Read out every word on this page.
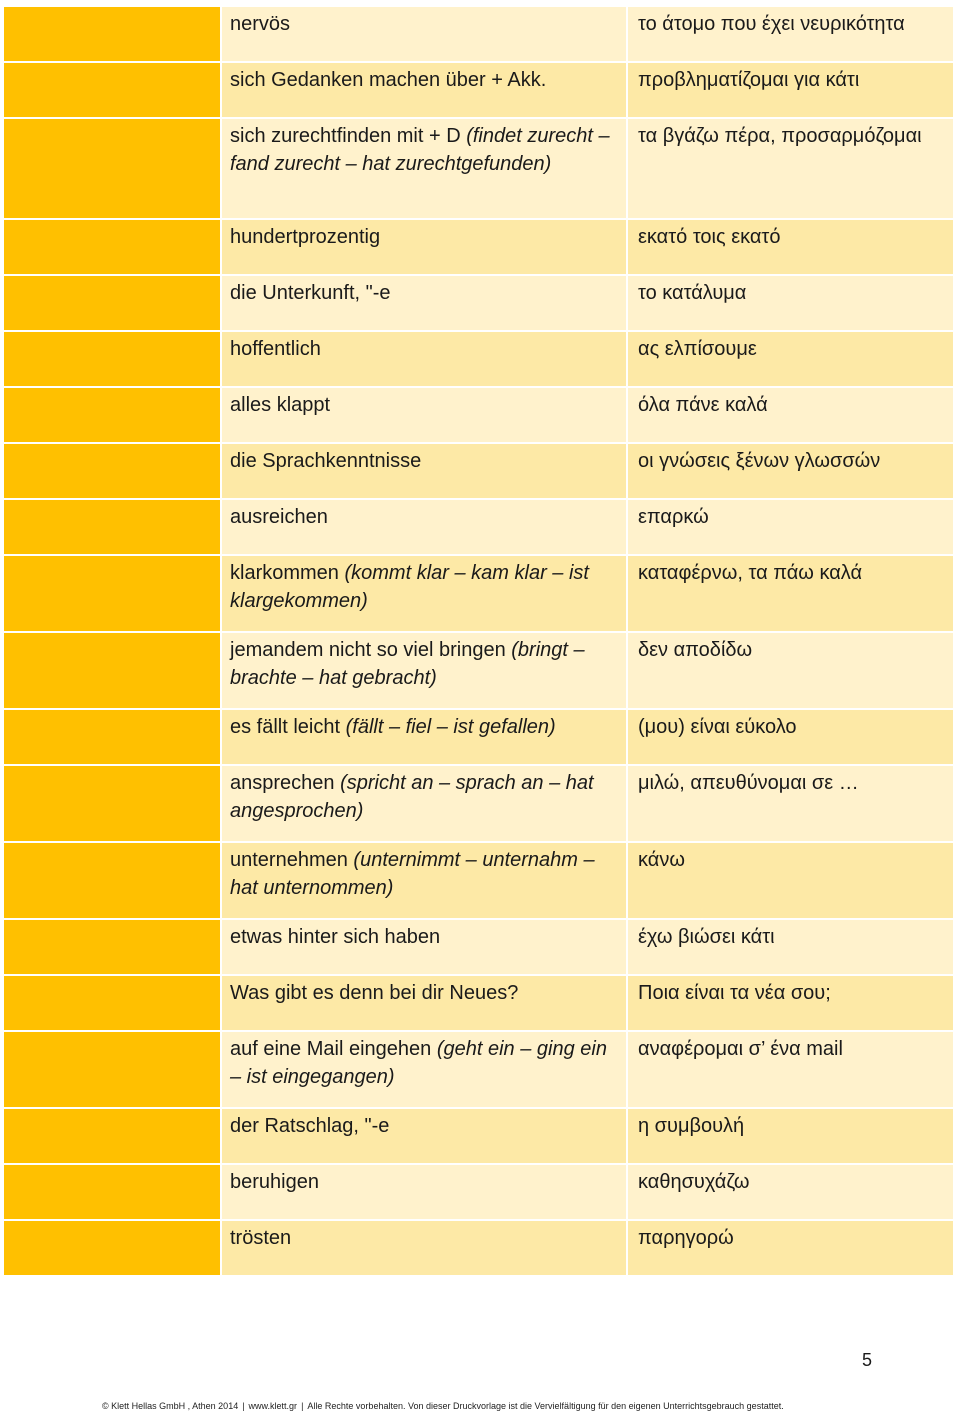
	nervös	το άτομο που έχει νευρικότητα
	sich Gedanken machen über + Akk.	προβληματίζομαι για κάτι
	sich zurechtfinden mit + D (findet zurecht – fand zurecht – hat zurechtgefunden)	τα βγάζω πέρα, προσαρμόζομαι
	hundertprozentig	εκατό τοις εκατό
	die Unterkunft, "-e	το κατάλυμα
	hoffentlich	ας ελπίσουμε
	alles klappt	όλα πάνε καλά
	die Sprachkenntnisse	οι γνώσεις ξένων γλωσσών
	ausreichen	επαρκώ
	klarkommen (kommt klar – kam klar – ist klargekommen)	καταφέρνω, τα πάω καλά
	jemandem nicht so viel bringen (bringt – brachte – hat gebracht)	δεν αποδίδω
	es fällt leicht (fällt – fiel – ist gefallen)	(μου) είναι εύκολο
	ansprechen (spricht an – sprach an – hat angesprochen)	μιλώ, απευθύνομαι σε …
	unternehmen (unternimmt – unternahm – hat unternommen)	κάνω
	etwas hinter sich haben	έχω βιώσει κάτι
	Was gibt es denn bei dir Neues?	Ποια είναι τα νέα σου;
	auf eine Mail eingehen (geht ein – ging ein – ist eingegangen)	αναφέρομαι σ’ ένα mail
	der Ratschlag, "-e	η συμβουλή
	beruhigen	καθησυχάζω
	trösten	παρηγορώ
5
© Klett Hellas GmbH , Athen 2014 | www.klett.gr | Alle Rechte vorbehalten. Von dieser Druckvorlage ist die Vervielfältigung für den eigenen Unterrichtsgebrauch gestattet.
